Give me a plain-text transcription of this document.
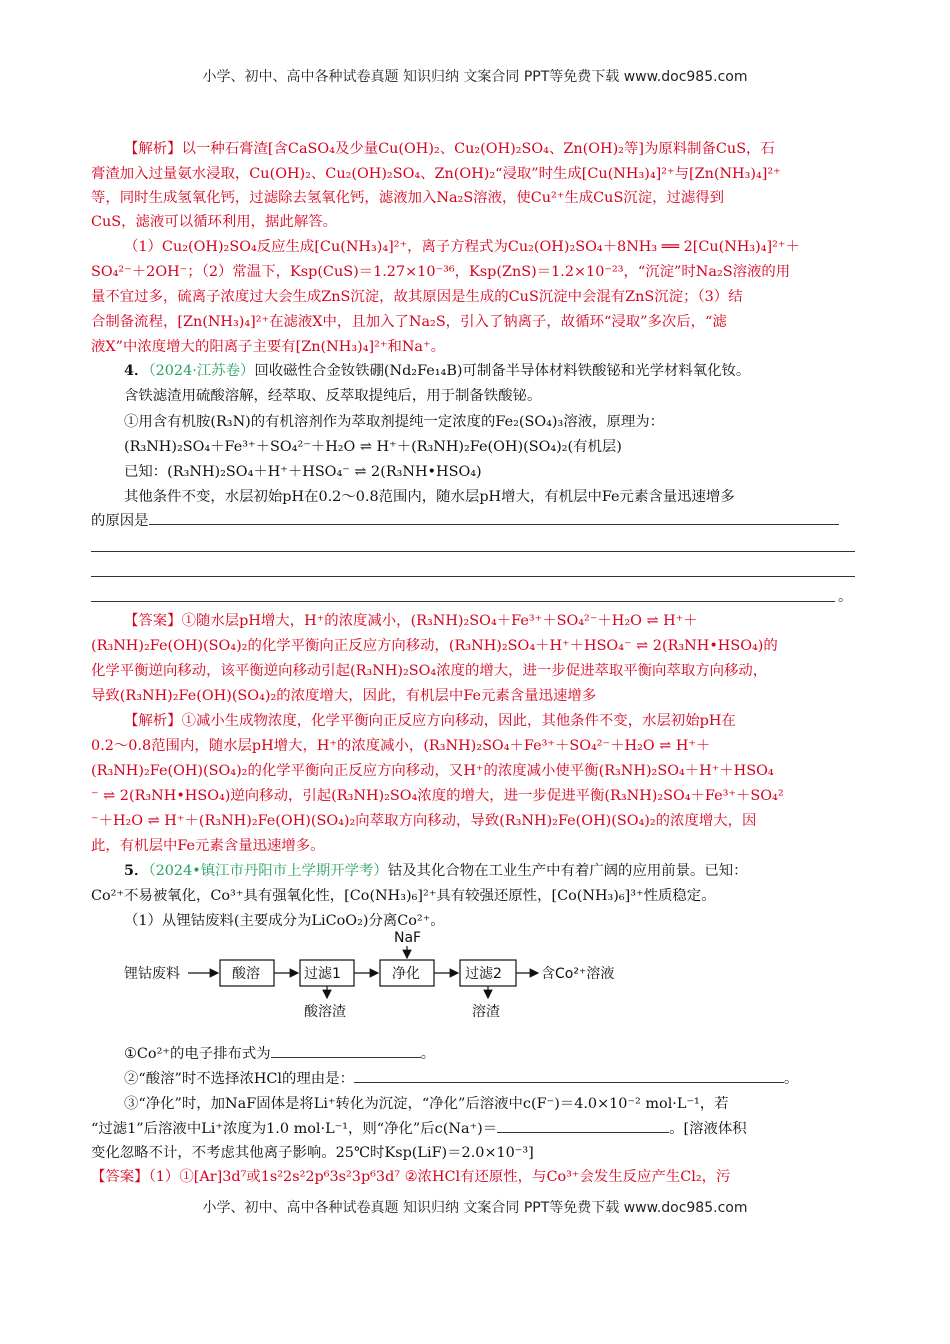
小学、初中、高中各种试卷真题 知识归纳 文案合同 PPT等免费下载 www.doc985.com
【解析】以一种石膏渣[含CaSO₄及少量Cu(OH)₂、Cu₂(OH)₂SO₄、Zn(OH)₂等]为原料制备CuS，石
膏渣加入过量氨水浸取，Cu(OH)₂、Cu₂(OH)₂SO₄、Zn(OH)₂“浸取”时生成[Cu(NH₃)₄]²⁺与[Zn(NH₃)₄]²⁺
等，同时生成氢氧化钙，过滤除去氢氧化钙，滤液加入Na₂S溶液，使Cu²⁺生成CuS沉淀，过滤得到
CuS，滤液可以循环利用，据此解答。
（1）Cu₂(OH)₂SO₄反应生成[Cu(NH₃)₄]²⁺，离子方程式为Cu₂(OH)₂SO₄＋8NH₃ ══ 2[Cu(NH₃)₄]²⁺＋
SO₄²⁻＋2OH⁻；（2）常温下，Ksp(CuS)＝1.27×10⁻³⁶，Ksp(ZnS)＝1.2×10⁻²³，“沉淀”时Na₂S溶液的用
量不宜过多，硫离子浓度过大会生成ZnS沉淀，故其原因是生成的CuS沉淀中会混有ZnS沉淀；（3）结
合制备流程，[Zn(NH₃)₄]²⁺在滤液X中，且加入了Na₂S，引入了钠离子，故循环“浸取”多次后，“滤
液X”中浓度增大的阳离子主要有[Zn(NH₃)₄]²⁺和Na⁺。
4．（2024·江苏卷）回收磁性合金钕铁硼(Nd₂Fe₁₄B)可制备半导体材料铁酸铋和光学材料氧化钕。
含铁滤渣用硫酸溶解，经萃取、反萃取提纯后，用于制备铁酸铋。
①用含有机胺(R₃N)的有机溶剂作为萃取剂提纯一定浓度的Fe₂(SO₄)₃溶液，原理为：
(R₃NH)₂SO₄＋Fe³⁺＋SO₄²⁻＋H₂O ⇌ H⁺＋(R₃NH)₂Fe(OH)(SO₄)₂(有机层)
已知：(R₃NH)₂SO₄＋H⁺＋HSO₄⁻ ⇌ 2(R₃NH•HSO₄)
其他条件不变，水层初始pH在0.2～0.8范围内，随水层pH增大，有机层中Fe元素含量迅速增多
的原因是
。
【答案】①随水层pH增大，H⁺的浓度减小，(R₃NH)₂SO₄＋Fe³⁺＋SO₄²⁻＋H₂O ⇌ H⁺＋
(R₃NH)₂Fe(OH)(SO₄)₂的化学平衡向正反应方向移动，(R₃NH)₂SO₄＋H⁺＋HSO₄⁻ ⇌ 2(R₃NH•HSO₄)的
化学平衡逆向移动，该平衡逆向移动引起(R₃NH)₂SO₄浓度的增大，进一步促进萃取平衡向萃取方向移动，
导致(R₃NH)₂Fe(OH)(SO₄)₂的浓度增大，因此，有机层中Fe元素含量迅速增多
【解析】①减小生成物浓度，化学平衡向正反应方向移动，因此，其他条件不变，水层初始pH在
0.2～0.8范围内，随水层pH增大，H⁺的浓度减小，(R₃NH)₂SO₄＋Fe³⁺＋SO₄²⁻＋H₂O ⇌ H⁺＋
(R₃NH)₂Fe(OH)(SO₄)₂的化学平衡向正反应方向移动，又H⁺的浓度减小使平衡(R₃NH)₂SO₄＋H⁺＋HSO₄
⁻ ⇌ 2(R₃NH•HSO₄)逆向移动，引起(R₃NH)₂SO₄浓度的增大，进一步促进平衡(R₃NH)₂SO₄＋Fe³⁺＋SO₄²
⁻＋H₂O ⇌ H⁺＋(R₃NH)₂Fe(OH)(SO₄)₂向萃取方向移动，导致(R₃NH)₂Fe(OH)(SO₄)₂的浓度增大，因
此，有机层中Fe元素含量迅速增多。
5．（2024•镇江市丹阳市上学期开学考）钴及其化合物在工业生产中有着广阔的应用前景。已知：
Co²⁺不易被氧化，Co³⁺具有强氧化性，[Co(NH₃)₆]²⁺具有较强还原性，[Co(NH₃)₆]³⁺性质稳定。
（1）从锂钴废料(主要成分为LiCoO₂)分离Co²⁺。
锂钴废料	酸溶	过滤1
酸溶渣
净化
NaF
过滤2
溶渣
含Co²⁺溶液
①Co²⁺的电子排布式为	。
②“酸溶”时不选择浓HCl的理由是：	。
③“净化”时，加NaF固体是将Li⁺转化为沉淀，“净化”后溶液中c(F⁻)＝4.0×10⁻² mol·L⁻¹，若
“过滤1”后溶液中Li⁺浓度为1.0 mol·L⁻¹，则“净化”后c(Na⁺)＝	。[溶液体积
变化忽略不计，不考虑其他离子影响。25℃时Ksp(LiF)＝2.0×10⁻³]
【答案】（1）①[Ar]3d⁷或1s²2s²2p⁶3s²3p⁶3d⁷ ②浓HCl有还原性，与Co³⁺会发生反应产生Cl₂，污
小学、初中、高中各种试卷真题 知识归纳 文案合同 PPT等免费下载 www.doc985.com
